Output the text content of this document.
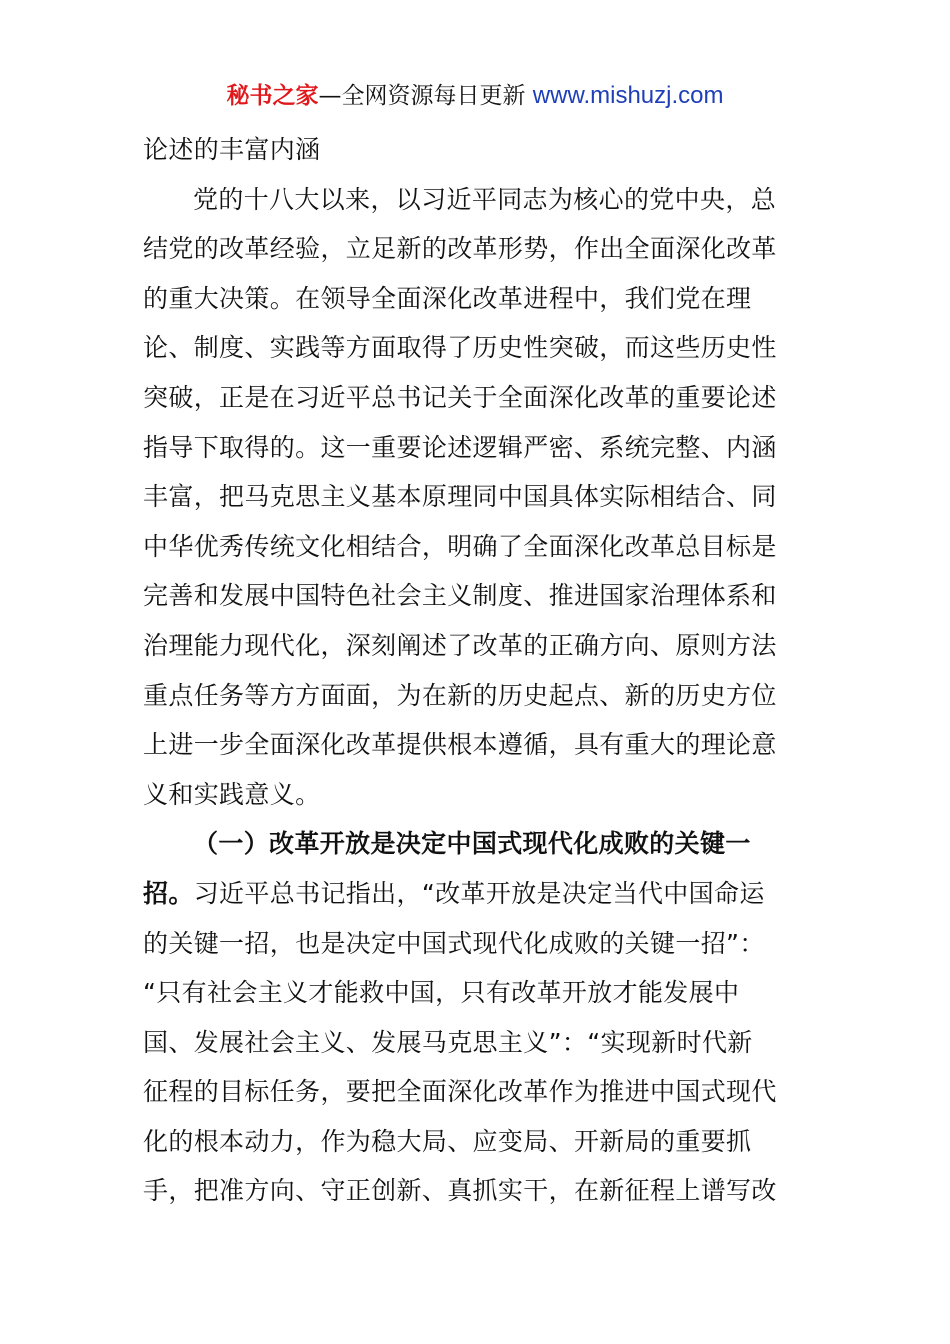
秘书之家—全网资源每日更新 www.mishuzj.com
论述的丰富内涵
党的十八大以来，以习近平同志为核心的党中央，总
结党的改革经验，立足新的改革形势，作出全面深化改革
的重大决策。在领导全面深化改革进程中，我们党在理
论、制度、实践等方面取得了历史性突破，而这些历史性
突破，正是在习近平总书记关于全面深化改革的重要论述
指导下取得的。这一重要论述逻辑严密、系统完整、内涵
丰富，把马克思主义基本原理同中国具体实际相结合、同
中华优秀传统文化相结合，明确了全面深化改革总目标是
完善和发展中国特色社会主义制度、推进国家治理体系和
治理能力现代化，深刻阐述了改革的正确方向、原则方法
重点任务等方方面面，为在新的历史起点、新的历史方位
上进一步全面深化改革提供根本遵循，具有重大的理论意
义和实践意义。
（一）改革开放是决定中国式现代化成败的关键一
招。习近平总书记指出，“改革开放是决定当代中国命运
的关键一招，也是决定中国式现代化成败的关键一招”：
“只有社会主义才能救中国，只有改革开放才能发展中
国、发展社会主义、发展马克思主义”：“实现新时代新
征程的目标任务，要把全面深化改革作为推进中国式现代
化的根本动力，作为稳大局、应变局、开新局的重要抓
手，把准方向、守正创新、真抓实干，在新征程上谱写改
